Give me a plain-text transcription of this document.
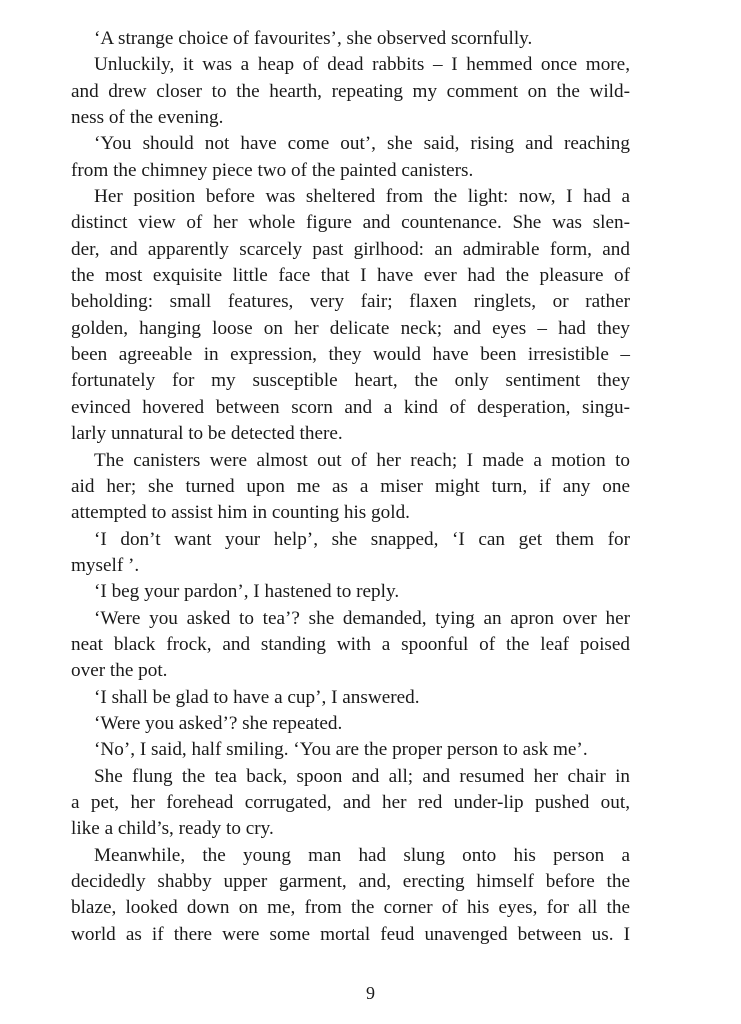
‘A strange choice of favourites’, she observed scornfully.
Unluckily, it was a heap of dead rabbits – I hemmed once more,
and drew closer to the hearth, repeating my comment on the wild-
ness of the evening.
‘You should not have come out’, she said, rising and reaching
from the chimney piece two of the painted canisters.
Her position before was sheltered from the light: now, I had a
distinct view of her whole figure and countenance. She was slen-
der, and apparently scarcely past girlhood: an admirable form, and
the most exquisite little face that I have ever had the pleasure of
beholding: small features, very fair; flaxen ringlets, or rather
golden, hanging loose on her delicate neck; and eyes – had they
been agreeable in expression, they would have been irresistible –
fortunately for my susceptible heart, the only sentiment they
evinced hovered between scorn and a kind of desperation, singu-
larly unnatural to be detected there.
The canisters were almost out of her reach; I made a motion to
aid her; she turned upon me as a miser might turn, if any one
attempted to assist him in counting his gold.
‘I don’t want your help’, she snapped, ‘I can get them for
myself ’.
‘I beg your pardon’, I hastened to reply.
‘Were you asked to tea’? she demanded, tying an apron over her
neat black frock, and standing with a spoonful of the leaf poised
over the pot.
‘I shall be glad to have a cup’, I answered.
‘Were you asked’? she repeated.
‘No’, I said, half smiling. ‘You are the proper person to ask me’.
She flung the tea back, spoon and all; and resumed her chair in
a pet, her forehead corrugated, and her red under-lip pushed out,
like a child’s, ready to cry.
Meanwhile, the young man had slung onto his person a
decidedly shabby upper garment, and, erecting himself before the
blaze, looked down on me, from the corner of his eyes, for all the
world as if there were some mortal feud unavenged between us. I
9
